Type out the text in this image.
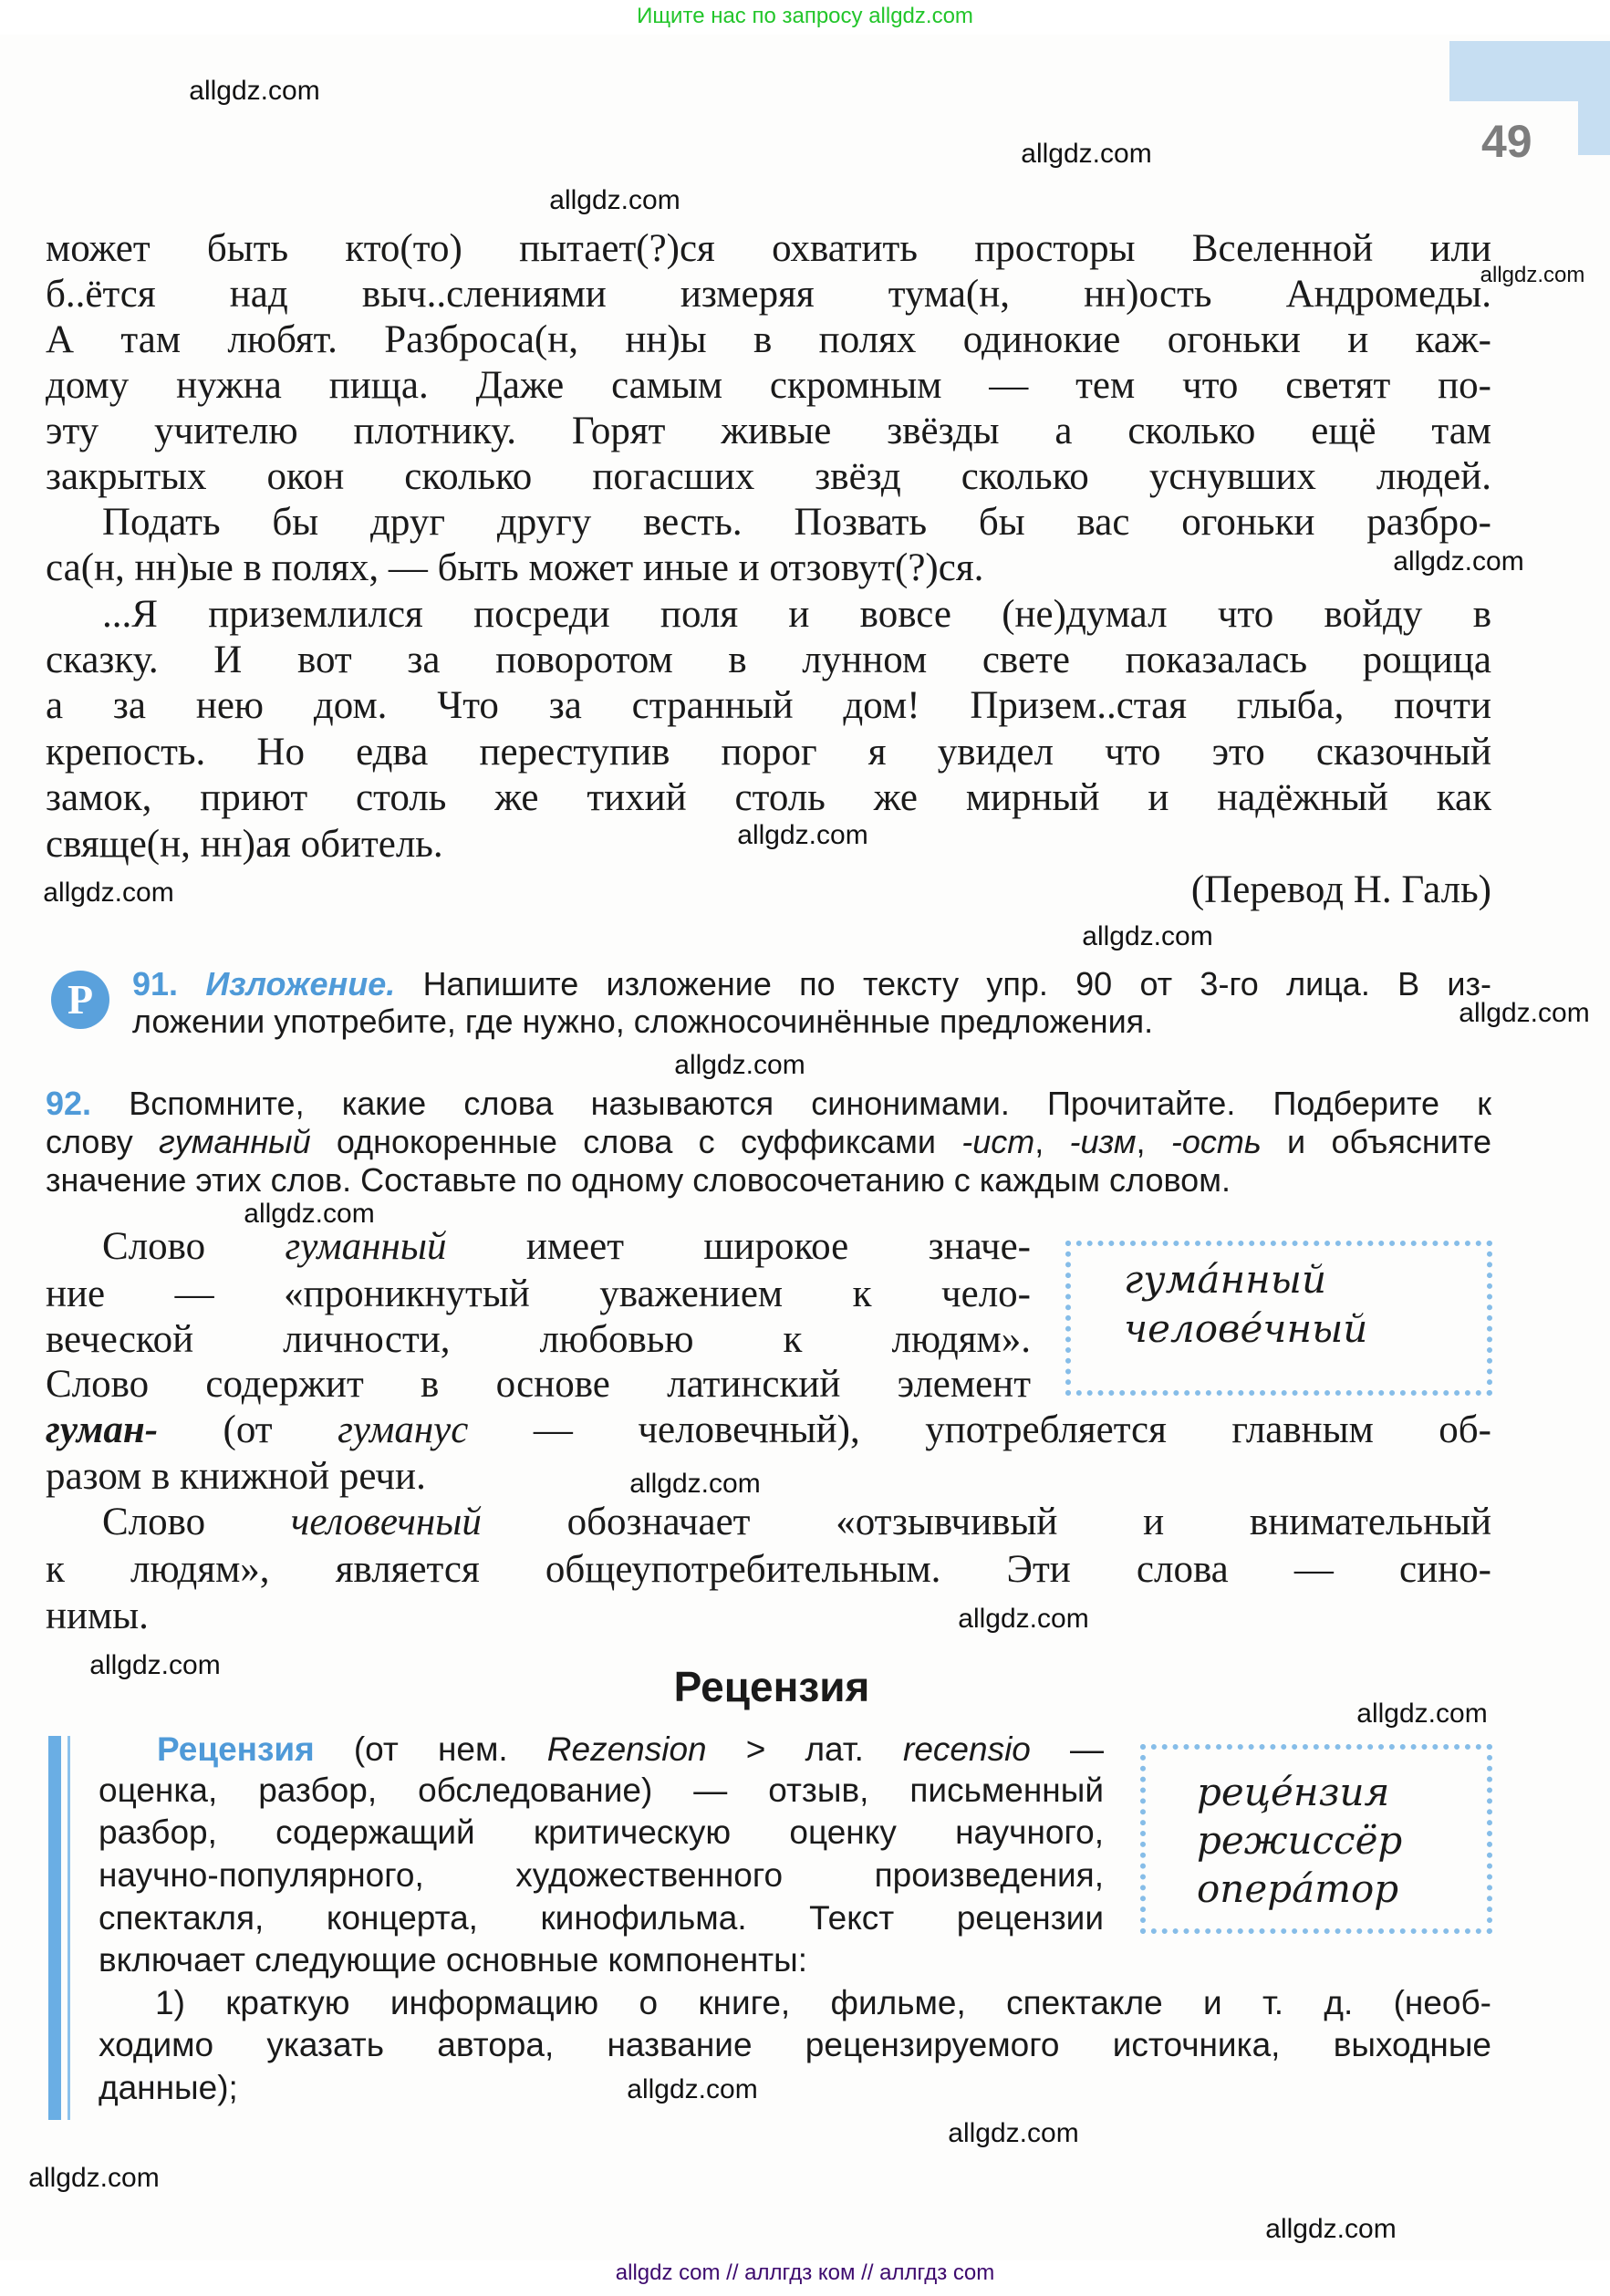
Ищите нас по запросу allgdz.com
49
может быть кто(то) пытает(?)ся охватить просторы Вселенной или
б..ётся над выч..слениями измеряя тума(н, нн)ость Андромеды.
А там любят. Разброса(н, нн)ы в полях одинокие огоньки и каж-
дому нужна пища. Даже самым скромным — тем что светят по-
эту учителю плотнику. Горят живые звёзды а сколько ещё там
закрытых окон сколько погасших звёзд сколько уснувших людей.
Подать бы друг другу весть. Позвать бы вас огоньки разбро-
са(н, нн)ые в полях, — быть может иные и отзовут(?)ся.
...Я приземлился посреди поля и вовсе (не)думал что войду в
сказку. И вот за поворотом в лунном свете показалась рощица
а за нею дом. Что за странный дом! Призем..стая глыба, почти
крепость. Но едва переступив порог я увидел что это сказочный
замок, приют столь же тихий столь же мирный и надёжный как
свяще(н, нн)ая обитель.
(Перевод Н. Галь)
Р	91. Изложение. Напишите изложение по тексту упр. 90 от 3-го лица. В из-
ложении употребите, где нужно, сложносочинённые предложения.
92. Вспомните, какие слова называются синонимами. Прочитайте. Подберите к
слову гуманный однокоренные слова с суффиксами -ист, -изм, -ость и объясните
значение этих слов. Составьте по одному словосочетанию с каждым словом.
Слово гуманный имеет широкое значе-
ние — «проникнутый уважением к чело-
веческой личности, любовью к людям».
Слово содержит в основе латинский элемент
гуман- (от гуманус — человечный), употребляется главным об-
разом в книжной речи.
Слово человечный обозначает «отзывчивый и внимательный
к людям», является общеупотребительным. Эти слова — сино-
нимы.
гума́нный
челове́чный
Рецензия
Рецензия (от нем. Rezension > лат. recensio —
оценка, разбор, обследование) — отзыв, письменный
разбор, содержащий критическую оценку научного,
научно-популярного, художественного произведения,
спектакля, концерта, кинофильма. Текст рецензии
включает следующие основные компоненты:
1) краткую информацию о книге, фильме, спектакле и т. д. (необ-
ходимо указать автора, название рецензируемого источника, выходные
данные);
реце́нзия
режиссёр
опера́тор
allgdz.com
allgdz.com
allgdz.com
allgdz.com
allgdz.com
allgdz.com
allgdz.com
allgdz.com
allgdz.com
allgdz.com
allgdz.com
allgdz.com
allgdz.com
allgdz.com
allgdz.com
allgdz.com
allgdz.com
allgdz.com
allgdz.com
allgdz com // аллгдз ком // аллгдз com
